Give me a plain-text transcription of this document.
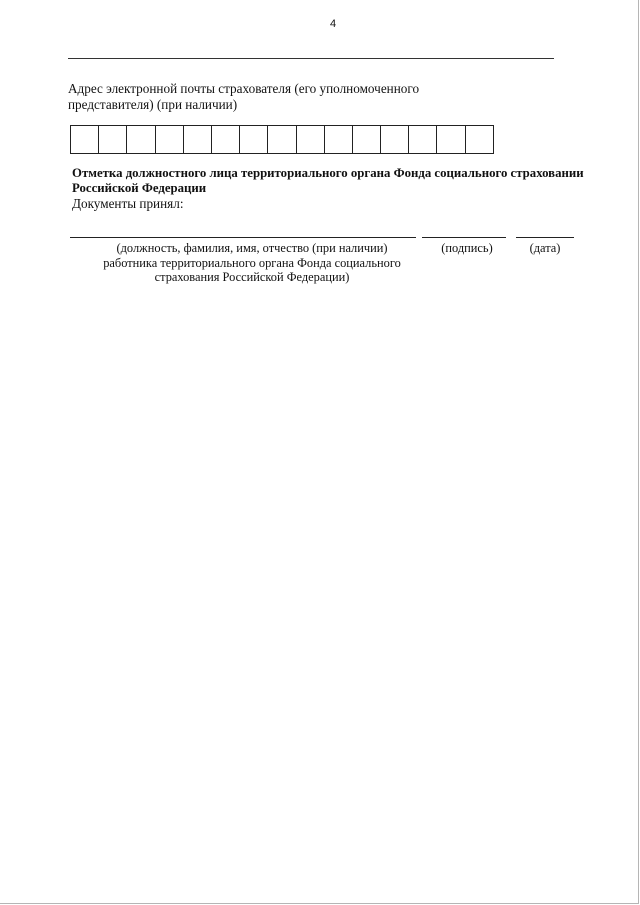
4
Адрес электронной почты страхователя (его уполномоченного представителя) (при наличии)
Отметка должностного лица территориального органа Фонда социального страховании Российской Федерации
Документы принял:
(должность, фамилия, имя, отчество (при наличии)
работника территориального органа Фонда социального
страхования Российской Федерации)
(подпись)	(дата)
